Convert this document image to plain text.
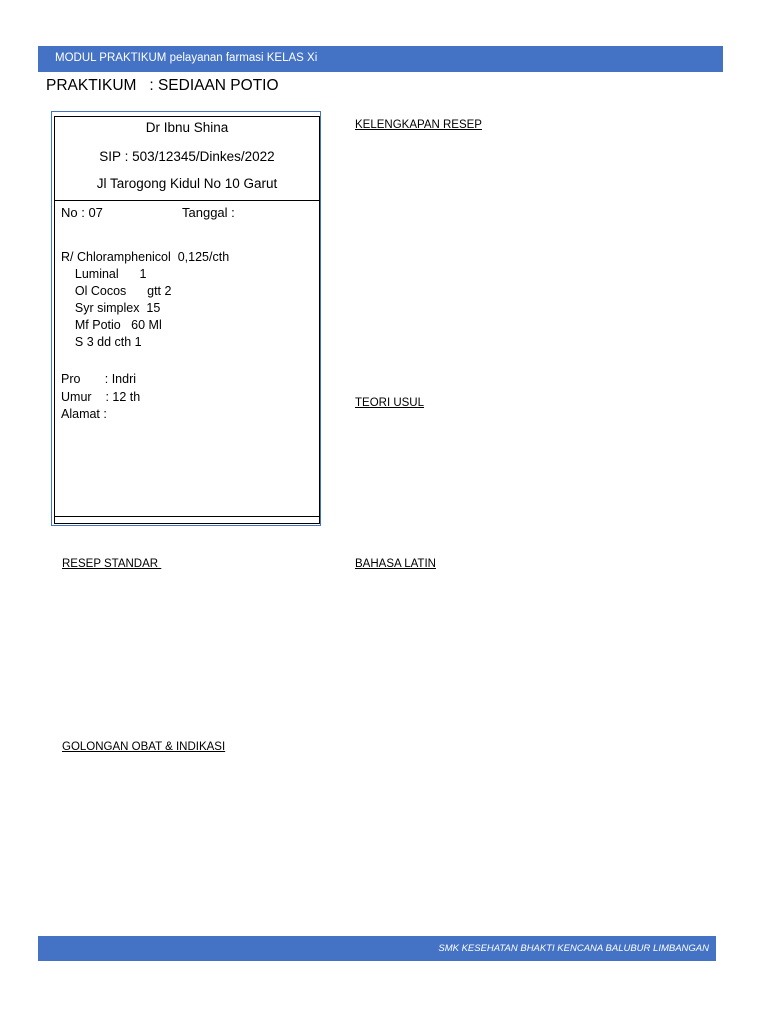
MODUL PRAKTIKUM pelayanan farmasi KELAS Xi
PRAKTIKUM   : SEDIAAN POTIO
Dr Ibnu Shina
SIP : 503/12345/Dinkes/2022
Jl Tarogong Kidul No 10 Garut
No : 07	Tanggal :
R/ Chloramphenicol  0,125/cth
Luminal      1
Ol Cocos      gtt 2
Syr simplex  15
Mf Potio   60 Ml
S 3 dd cth 1
Pro       : Indri
Umur    : 12 th
Alamat :
KELENGKAPAN RESEP
TEORI USUL
RESEP STANDAR	BAHASA LATIN
GOLONGAN OBAT & INDIKASI
SMK KESEHATAN BHAKTI KENCANA BALUBUR LIMBANGAN
